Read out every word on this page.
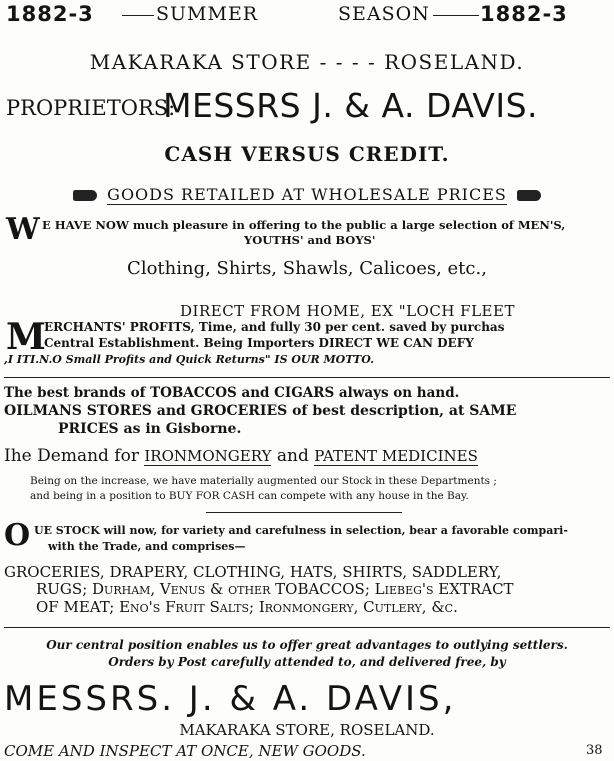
1882-3	SUMMER	SEASON 1882-3
MAKARAKA STORE - - - - ROSELAND.
PROPRIETORS:
MESSRS J. & A. DAVIS.
CASH VERSUS CREDIT.
GOODS RETAILED AT WHOLESALE PRICES
W E HAVE NOW much pleasure in offering to the public a large selection of MEN'S,
YOUTHS' and BOYS'
Clothing, Shirts, Shawls, Calicoes, etc.,
DIRECT FROM HOME, EX "LOCH FLEET
M
ERCHANTS' PROFITS, Time, and fully 30 per cent. saved by purchas
Central Establishment. Being Importers DIRECT WE CAN DEFY
,I ITI.N.O Small Profits and Quick Returns" IS OUR MOTTO.
The best brands of TOBACCOS and CIGARS always on hand.
OILMANS STORES and GROCERIES of best description, at SAME
PRICES as in Gisborne.
Ihe Demand for IRONMONGERY and PATENT MEDICINES
Being on the increase, we have materially augmented our Stock in these Departments ;
and being in a position to BUY FOR CASH can compete with any house in the Bay.
O UE STOCK will now, for variety and carefulness in selection, bear a favorable compari-
with the Trade, and comprises—
GROCERIES, DRAPERY, CLOTHING, HATS, SHIRTS, SADDLERY,
RUGS; Durham, Venus & other TOBACCOS; Liebeg's EXTRACT
OF MEAT; Eno's Fruit Salts; Ironmongery, Cutlery, &c.
Our central position enables us to offer great advantages to outlying settlers.
Orders by Post carefully attended to, and delivered free, by
MESSRS. J. & A. DAVIS,
MAKARAKA STORE, ROSELAND.
COME AND INSPECT AT ONCE, NEW GOODS.	38
